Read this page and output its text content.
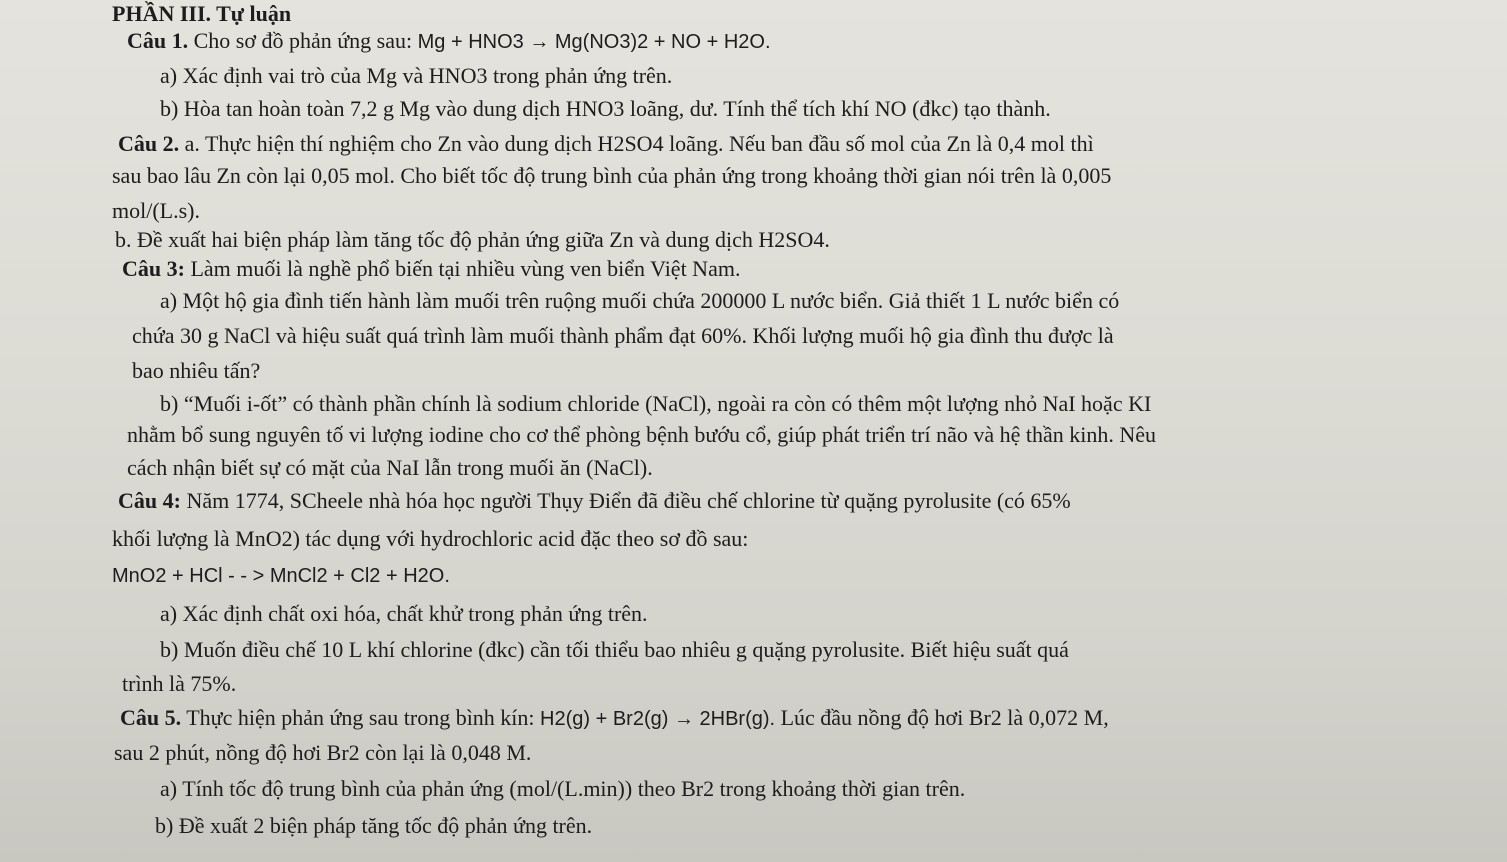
PHẦN III. Tự luận
Câu 1. Cho sơ đồ phản ứng sau: Mg + HNO3 → Mg(NO3)2 + NO + H2O.
a) Xác định vai trò của Mg và HNO3 trong phản ứng trên.
b) Hòa tan hoàn toàn 7,2 g Mg vào dung dịch HNO3 loãng, dư. Tính thể tích khí NO (đkc) tạo thành.
Câu 2. a. Thực hiện thí nghiệm cho Zn vào dung dịch H2SO4 loãng. Nếu ban đầu số mol của Zn là 0,4 mol thì
sau bao lâu Zn còn lại 0,05 mol. Cho biết tốc độ trung bình của phản ứng trong khoảng thời gian nói trên là 0,005
mol/(L.s).
b. Đề xuất hai biện pháp làm tăng tốc độ phản ứng giữa Zn và dung dịch H2SO4.
Câu 3: Làm muối là nghề phổ biến tại nhiều vùng ven biển Việt Nam.
a) Một hộ gia đình tiến hành làm muối trên ruộng muối chứa 200000 L nước biển. Giả thiết 1 L nước biển có
chứa 30 g NaCl và hiệu suất quá trình làm muối thành phẩm đạt 60%. Khối lượng muối hộ gia đình thu được là
bao nhiêu tấn?
b) “Muối i-ốt” có thành phần chính là sodium chloride (NaCl), ngoài ra còn có thêm một lượng nhỏ NaI hoặc KI
nhằm bổ sung nguyên tố vi lượng iodine cho cơ thể phòng bệnh bướu cổ, giúp phát triển trí não và hệ thần kinh. Nêu
cách nhận biết sự có mặt của NaI lẫn trong muối ăn (NaCl).
Câu 4: Năm 1774, SCheele nhà hóa học người Thụy Điển đã điều chế chlorine từ quặng pyrolusite (có 65%
khối lượng là MnO2) tác dụng với hydrochloric acid đặc theo sơ đồ sau:
MnO2 + HCl - - > MnCl2 + Cl2 + H2O.
a) Xác định chất oxi hóa, chất khử trong phản ứng trên.
b) Muốn điều chế 10 L khí chlorine (đkc) cần tối thiểu bao nhiêu g quặng pyrolusite. Biết hiệu suất quá
trình là 75%.
Câu 5. Thực hiện phản ứng sau trong bình kín: H2(g) + Br2(g) → 2HBr(g). Lúc đầu nồng độ hơi Br2 là 0,072 M,
sau 2 phút, nồng độ hơi Br2 còn lại là 0,048 M.
a) Tính tốc độ trung bình của phản ứng (mol/(L.min)) theo Br2 trong khoảng thời gian trên.
b) Đề xuất 2 biện pháp tăng tốc độ phản ứng trên.
